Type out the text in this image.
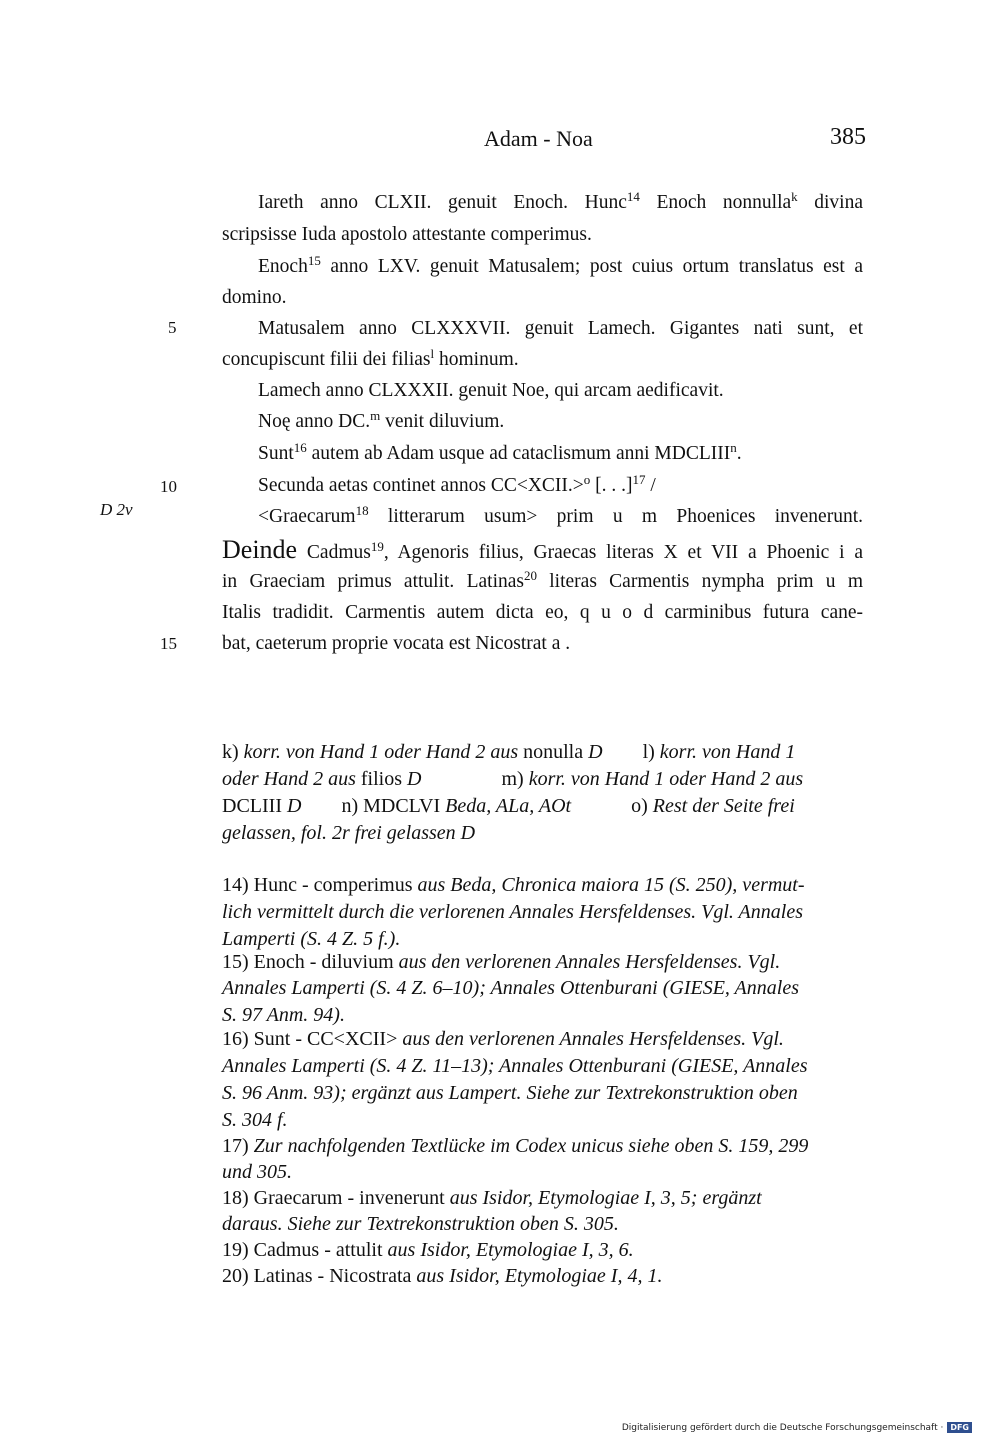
Adam - Noa	385
5
10
15
D 2v
Iareth anno CLXII. genuit Enoch. Hunc$^{14}$ Enoch nonnulla$^k$ divina
scripsisse Iuda apostolo attestante comperimus.
Enoch$^{15}$ anno LXV. genuit Matusalem; post cuius ortum translatus est a
domino.
Matusalem anno CLXXXVII. genuit Lamech. Gigantes nati sunt, et
concupiscunt filii dei filias$^l$ hominum.
Lamech anno CLXXXII. genuit Noe, qui arcam aedificavit.
Noę anno DC.$^m$ venit diluvium.
Sunt$^{16}$ autem ab Adam usque ad cataclismum anni MDCLIII$^n$.
Secunda aetas continet annos CC<XCII.>$^o$ [. . .]$^{17}$ /
<Graecarum$^{18}$ litterarum usum> prim u m Phoenices invenerunt.
Deinde Cadmus$^{19}$, Agenoris filius, Graecas literas X et VII a Phoenic i a
in Graeciam primus attulit. Latinas$^{20}$ literas Carmentis nympha prim u m
Italis tradidit. Carmentis autem dicta eo, q u o d carminibus futura cane-
bat, caeterum proprie vocata est Nicostrat a .
k) korr. von Hand 1 oder Hand 2 aus nonulla D        l) korr. von Hand 1
oder Hand 2 aus filios D                m) korr. von Hand 1 oder Hand 2 aus
DCLIII D        n) MDCLVI Beda, ALa, AOt            o) Rest der Seite frei
gelassen, fol. 2r frei gelassen D
14) Hunc - comperimus aus Beda, Chronica maiora 15 (S. 250), vermut-
lich vermittelt durch die verlorenen Annales Hersfeldenses. Vgl. Annales
Lamperti (S. 4 Z. 5 f.).
15) Enoch - diluvium aus den verlorenen Annales Hersfeldenses. Vgl.
Annales Lamperti (S. 4 Z. 6–10); Annales Ottenburani (GIESE, Annales
S. 97 Anm. 94).
16) Sunt - CC<XCII> aus den verlorenen Annales Hersfeldenses. Vgl.
Annales Lamperti (S. 4 Z. 11–13); Annales Ottenburani (GIESE, Annales
S. 96 Anm. 93); ergänzt aus Lampert. Siehe zur Textrekonstruktion oben
S. 304 f.
17) Zur nachfolgenden Textlücke im Codex unicus siehe oben S. 159, 299
und 305.
18) Graecarum - invenerunt aus Isidor, Etymologiae I, 3, 5; ergänzt
daraus. Siehe zur Textrekonstruktion oben S. 305.
19) Cadmus - attulit aus Isidor, Etymologiae I, 3, 6.
20) Latinas - Nicostrata aus Isidor, Etymologiae I, 4, 1.
Digitalisierung gefördert durch die Deutsche Forschungsgemeinschaft · DFG
